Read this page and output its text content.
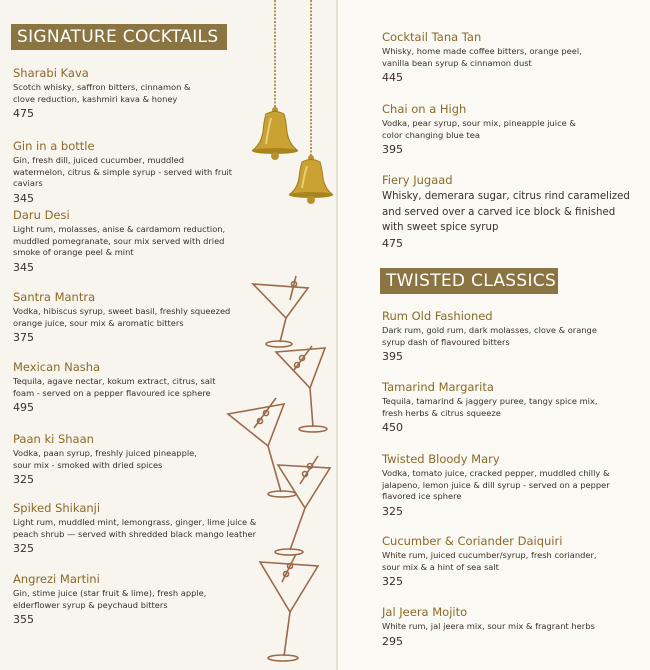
SIGNATURE COCKTAILS
Sharabi Kava
Scotch whisky, saffron bitters, cinnamon & clove reduction, kashmiri kava & honey
475
Gin in a bottle
Gin, fresh dill, juiced cucumber, muddled watermelon, citrus & simple syrup - served with fruit caviars
345
Daru Desi
Light rum, molasses, anise & cardamom reduction, muddled pomegranate, sour mix served with dried smoke of orange peel & mint
345
Santra Mantra
Vodka, hibiscus syrup, sweet basil, freshly squeezed orange juice, sour mix & aromatic bitters
375
Mexican Nasha
Tequila, agave nectar, kokum extract, citrus, salt foam - served on a pepper flavoured ice sphere
495
Paan ki Shaan
Vodka, paan syrup, freshly juiced pineapple, sour mix - smoked with dried spices
325
Spiked Shikanji
Light rum, muddled mint, lemongrass, ginger, lime juice & peach shrub — served with shredded black mango leather
325
Angrezi Martini
Gin, stime juice (star fruit & lime), fresh apple, elderflower syrup & peychaud bitters
355
Cocktail Tana Tan
Whisky, home made coffee bitters, orange peel, vanilla bean syrup & cinnamon dust
445
Chai on a High
Vodka, pear syrup, sour mix, pineapple juice & color changing blue tea
395
Fiery Jugaad
Whisky, demerara sugar, citrus rind caramelized and served over a carved ice block & finished with sweet spice syrup
475
TWISTED CLASSICS
Rum Old Fashioned
Dark rum, gold rum, dark molasses, clove & orange syrup dash of flavoured bitters
395
Tamarind Margarita
Tequila, tamarind & jaggery puree, tangy spice mix, fresh herbs & citrus squeeze
450
Twisted Bloody Mary
Vodka, tomato juice, cracked pepper, muddled chilly & jalapeno, lemon juice & dill syrup - served on a pepper flavored ice sphere
325
Cucumber & Coriander Daiquiri
White rum, juiced cucumber/syrup, fresh coriander, sour mix & a hint of sea salt
325
Jal Jeera Mojito
White rum, jal jeera mix, sour mix & fragrant herbs
295
